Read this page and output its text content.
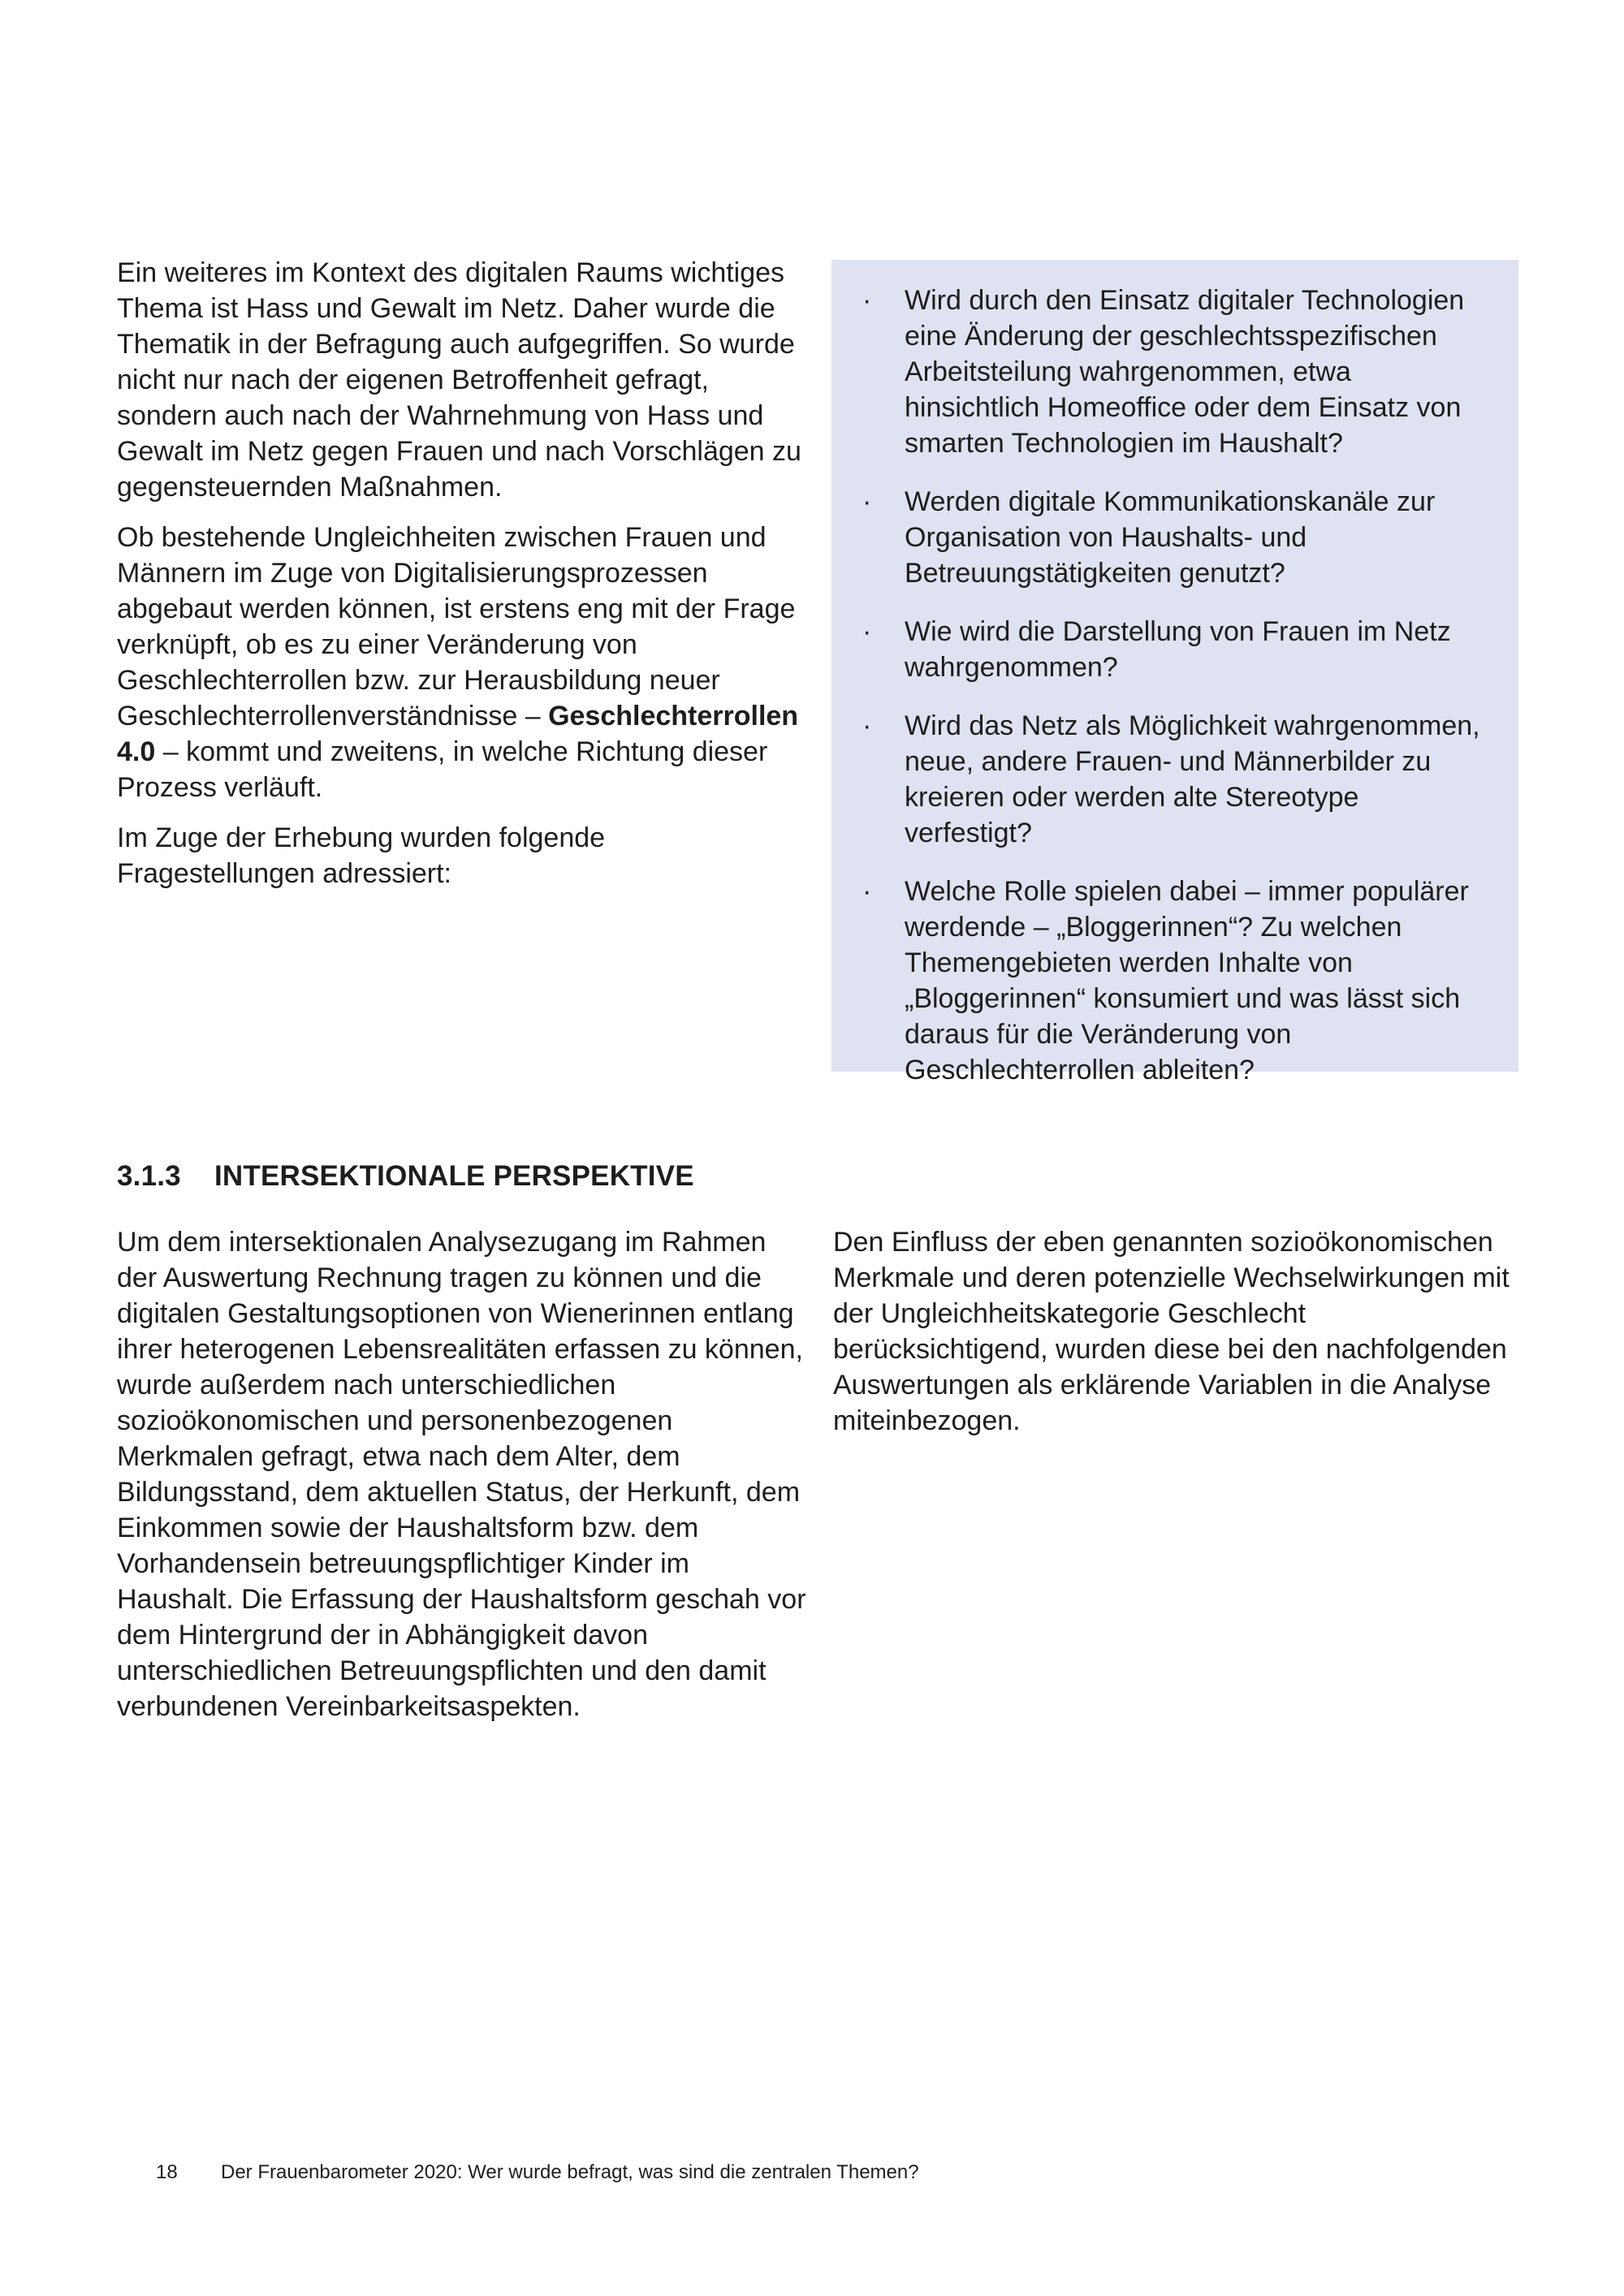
Ein weiteres im Kontext des digitalen Raums wichtiges Thema ist Hass und Gewalt im Netz. Daher wurde die Thematik in der Befragung auch aufgegriffen. So wurde nicht nur nach der eigenen Betroffenheit gefragt, sondern auch nach der Wahrnehmung von Hass und Gewalt im Netz gegen Frauen und nach Vorschlägen zu gegensteuernden Maßnahmen.

Ob bestehende Ungleichheiten zwischen Frauen und Männern im Zuge von Digitalisierungsprozessen abgebaut werden können, ist erstens eng mit der Frage verknüpft, ob es zu einer Veränderung von Geschlechterrollen bzw. zur Herausbildung neuer Geschlechterrollenverständnisse – Geschlechterrollen 4.0 – kommt und zweitens, in welche Richtung dieser Prozess verläuft.

Im Zuge der Erhebung wurden folgende Fragestellungen adressiert:

· Wird durch den Einsatz digitaler Technologien eine Änderung der geschlechtsspezifischen Arbeitsteilung wahrgenommen, etwa hinsichtlich Homeoffice oder dem Einsatz von smarten Technologien im Haushalt?
· Werden digitale Kommunikationskanäle zur Organisation von Haushalts- und Betreuungstätigkeiten genutzt?
· Wie wird die Darstellung von Frauen im Netz wahrgenommen?
· Wird das Netz als Möglichkeit wahrgenommen, neue, andere Frauen- und Männerbilder zu kreieren oder werden alte Stereotype verfestigt?
· Welche Rolle spielen dabei – immer populärer werdende – „Bloggerinnen“? Zu welchen Themengebieten werden Inhalte von „Bloggerinnen“ konsumiert und was lässt sich daraus für die Veränderung von Geschlechterrollen ableiten?
3.1.3 INTERSEKTIONALE PERSPEKTIVE

Um dem intersektionalen Analysezugang im Rahmen der Auswertung Rechnung tragen zu können und die digitalen Gestaltungsoptionen von Wienerinnen entlang ihrer heterogenen Lebensrealitäten erfassen zu können, wurde außerdem nach unterschiedlichen sozioökonomischen und personenbezogenen Merkmalen gefragt, etwa nach dem Alter, dem Bildungsstand, dem aktuellen Status, der Herkunft, dem Einkommen sowie der Haushaltsform bzw. dem Vorhandensein betreuungspflichtiger Kinder im Haushalt. Die Erfassung der Haushaltsform geschah vor dem Hintergrund der in Abhängigkeit davon unterschiedlichen Betreuungspflichten und den damit verbundenen Vereinbarkeitsaspekten.

Den Einfluss der eben genannten sozioökonomischen Merkmale und deren potenzielle Wechselwirkungen mit der Ungleichheitskategorie Geschlecht berücksichtigend, wurden diese bei den nachfolgenden Auswertungen als erklärende Variablen in die Analyse miteinbezogen.

18 Der Frauenbarometer 2020: Wer wurde befragt, was sind die zentralen Themen?
